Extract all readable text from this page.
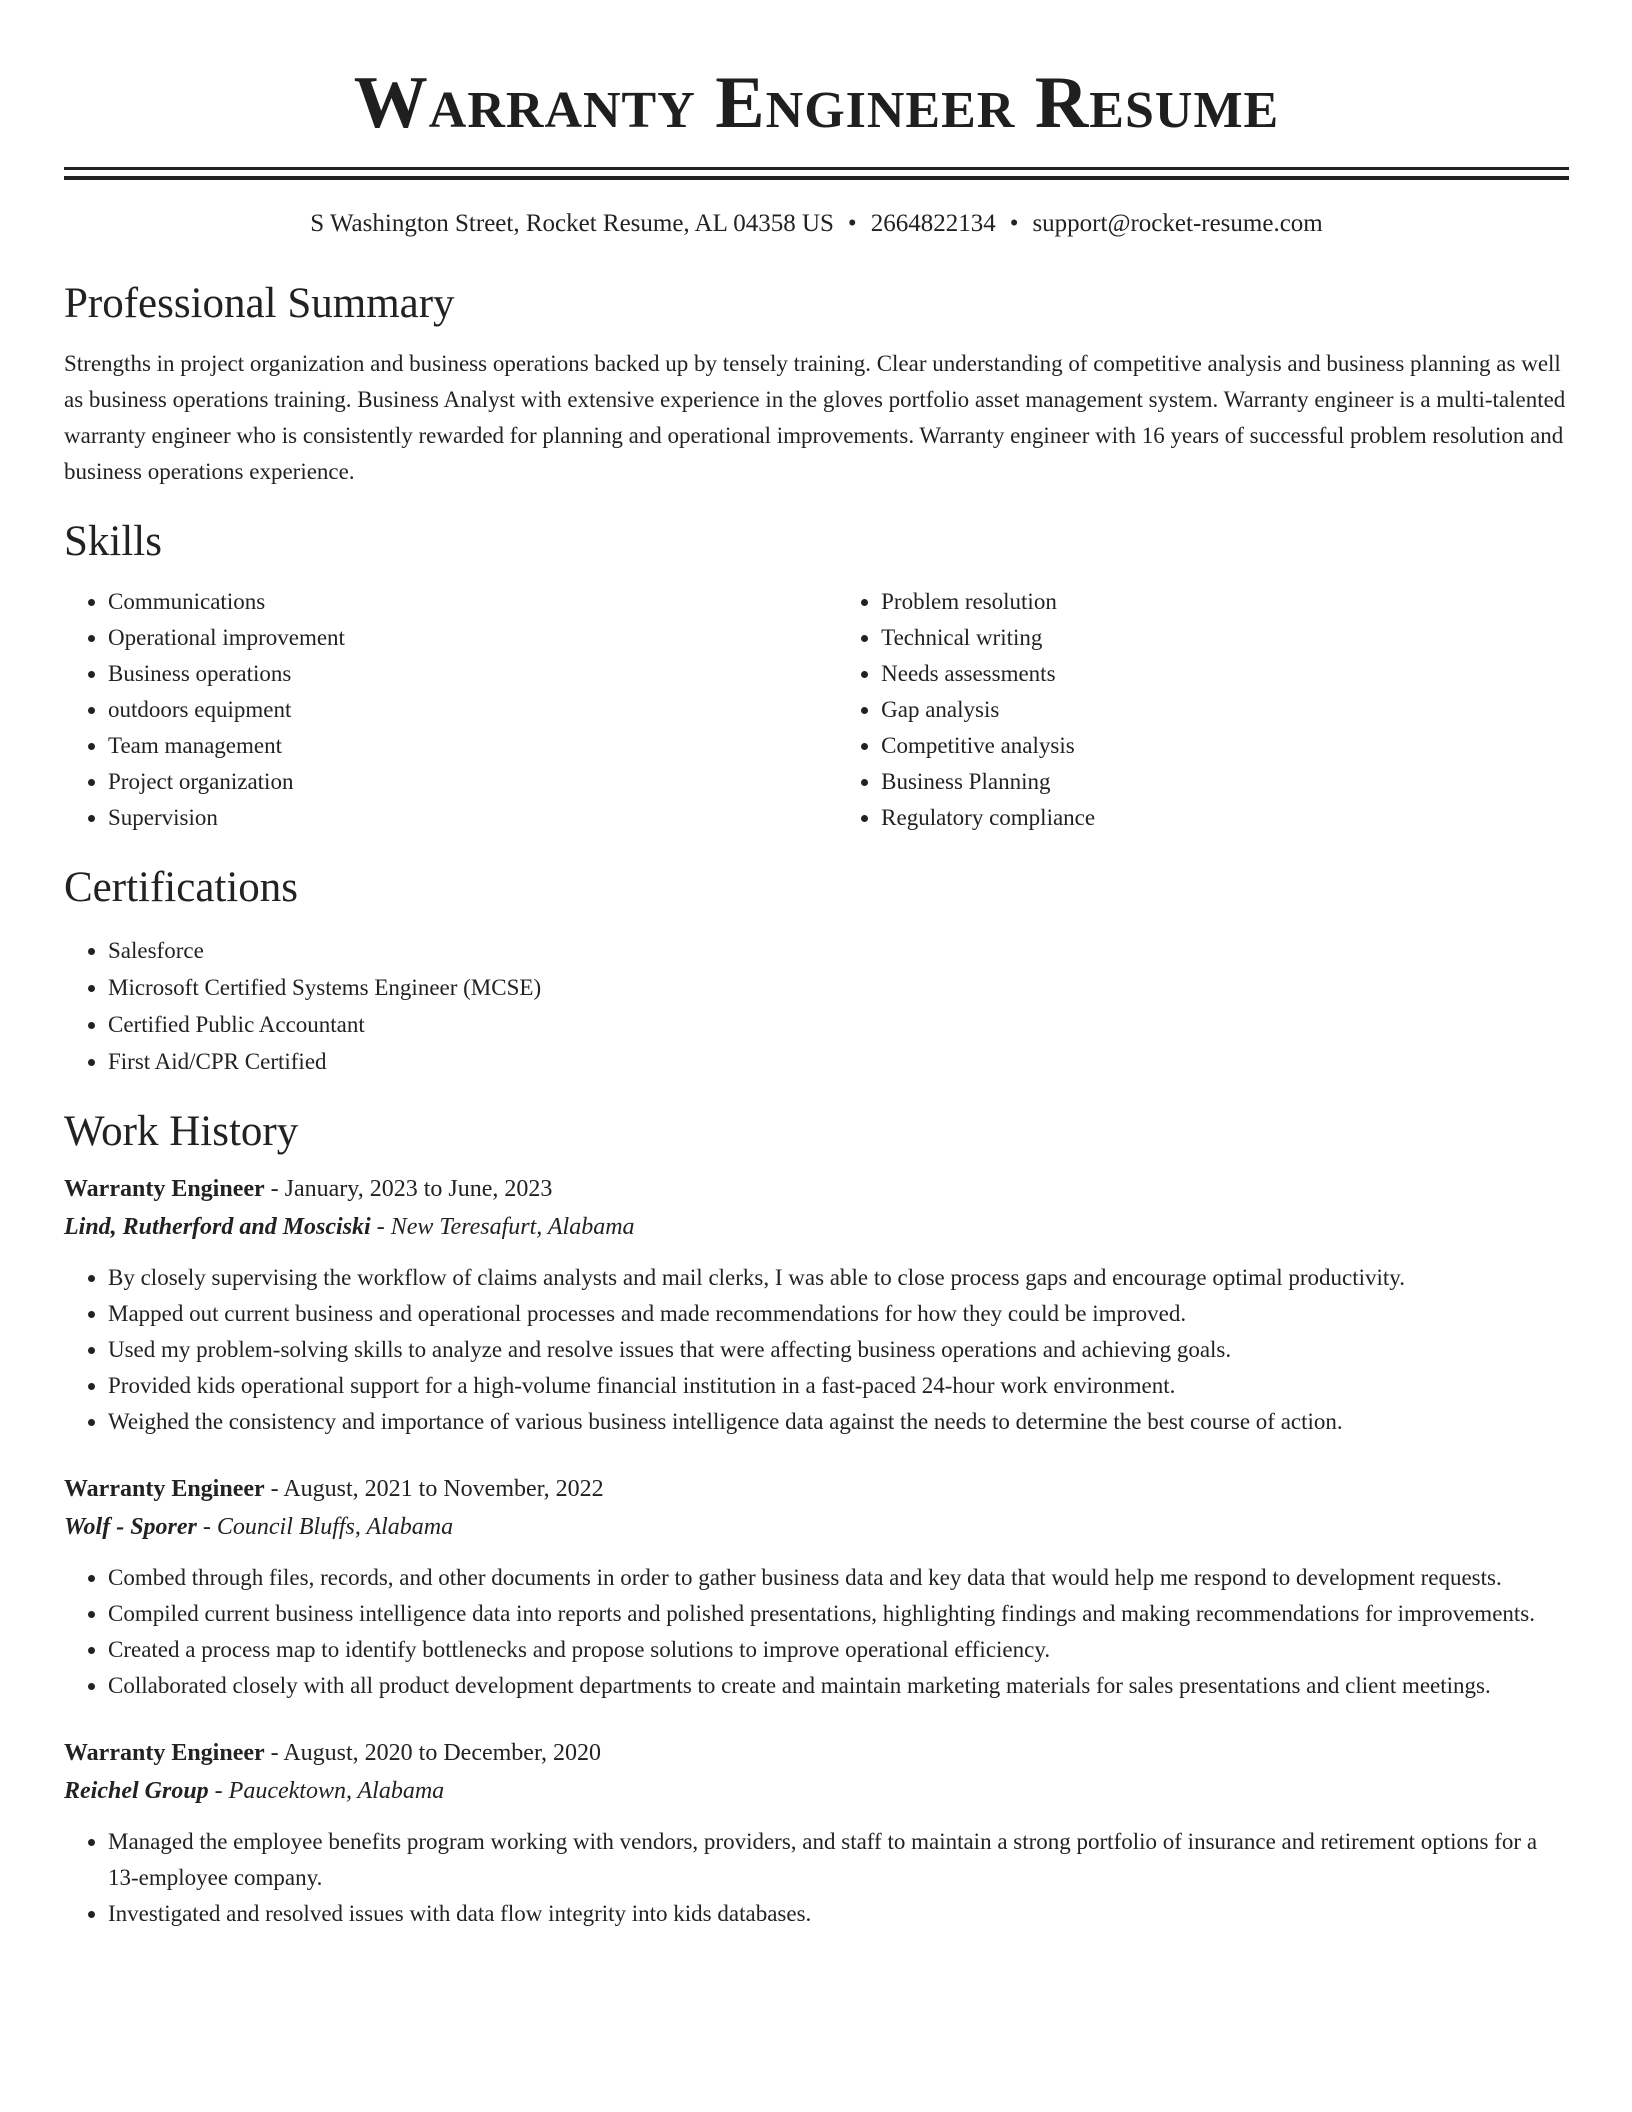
Warranty Engineer Resume
S Washington Street, Rocket Resume, AL 04358 US • 2664822134 • support@rocket-resume.com
Professional Summary

Strengths in project organization and business operations backed up by tensely training. Clear understanding of competitive analysis and business planning as well as business operations training. Business Analyst with extensive experience in the gloves portfolio asset management system. Warranty engineer is a multi-talented warranty engineer who is consistently rewarded for planning and operational improvements. Warranty engineer with 16 years of successful problem resolution and business operations experience.

Skills
• Communications
• Operational improvement
• Business operations
• outdoors equipment
• Team management
• Project organization
• Supervision
• Problem resolution
• Technical writing
• Needs assessments
• Gap analysis
• Competitive analysis
• Business Planning
• Regulatory compliance
Certifications
• Salesforce
• Microsoft Certified Systems Engineer (MCSE)
• Certified Public Accountant
• First Aid/CPR Certified
Work History
Warranty Engineer - January, 2023 to June, 2023
Lind, Rutherford and Mosciski - New Teresafurt, Alabama
• By closely supervising the workflow of claims analysts and mail clerks, I was able to close process gaps and encourage optimal productivity.
• Mapped out current business and operational processes and made recommendations for how they could be improved.
• Used my problem-solving skills to analyze and resolve issues that were affecting business operations and achieving goals.
• Provided kids operational support for a high-volume financial institution in a fast-paced 24-hour work environment.
• Weighed the consistency and importance of various business intelligence data against the needs to determine the best course of action.
Warranty Engineer - August, 2021 to November, 2022
Wolf - Sporer - Council Bluffs, Alabama
• Combed through files, records, and other documents in order to gather business data and key data that would help me respond to development requests.
• Compiled current business intelligence data into reports and polished presentations, highlighting findings and making recommendations for improvements.
• Created a process map to identify bottlenecks and propose solutions to improve operational efficiency.
• Collaborated closely with all product development departments to create and maintain marketing materials for sales presentations and client meetings.
Warranty Engineer - August, 2020 to December, 2020
Reichel Group - Paucektown, Alabama
• Managed the employee benefits program working with vendors, providers, and staff to maintain a strong portfolio of insurance and retirement options for a 13-employee company.
• Investigated and resolved issues with data flow integrity into kids databases.
